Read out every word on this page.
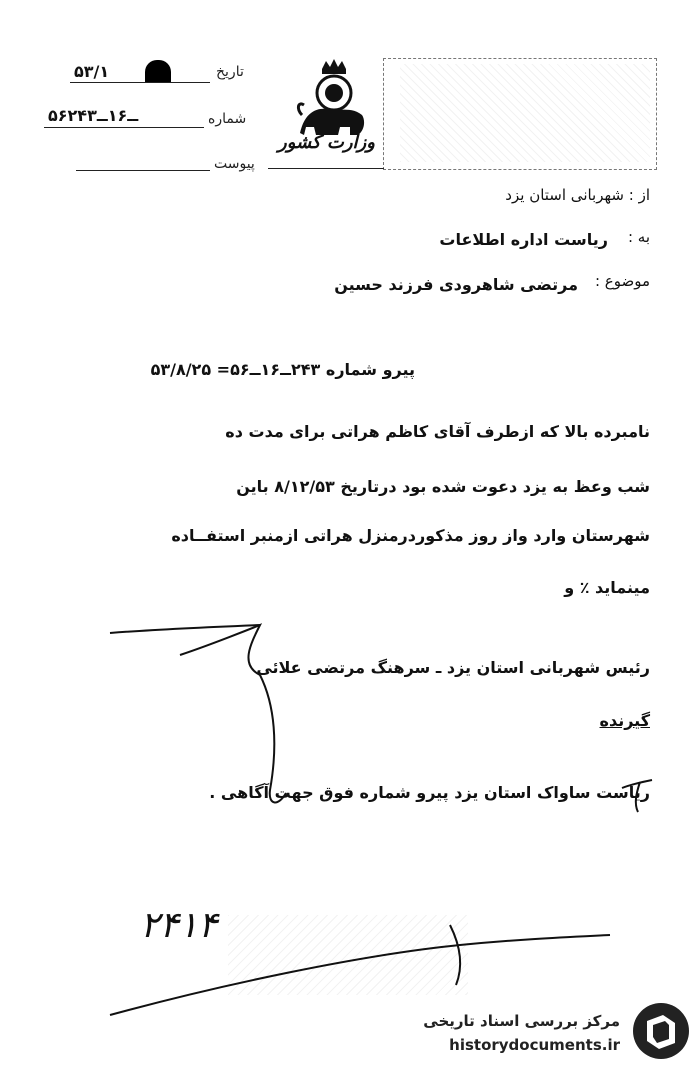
وزارت کشور
تاریخ
۵۳/۱
شماره
۵۶ــ۱۶ــ۲۴۳
پیوست
از : شهربانی استان یزد
به :
ریاست اداره اطلاعات
موضوع :
مرتضی شاهرودی فرزند حسین
پیرو شماره ۲۴۳ــ۱۶ــ۵۶= ۵۳/۸/۲۵
نامبرده بالا که ازطرف آقای کاظم هراتی برای مدت ده
شب وعظ به یزد دعوت شده بود درتاریخ ۸/۱۲/۵۳ باین
شهرستان وارد واز روز مذکوردرمنزل هراتی ازمنبر استفــاده
مینماید ٪ و
رئیس شهربانی استان یزد ـ سرهنگ مرتضی علائی
گیرنده
ریاست ساواک استان یزد پیرو شماره فوق جهت آگاهی .
۲۴۱۴
مرکز بررسی اسناد تاریخی
historydocuments.ir
